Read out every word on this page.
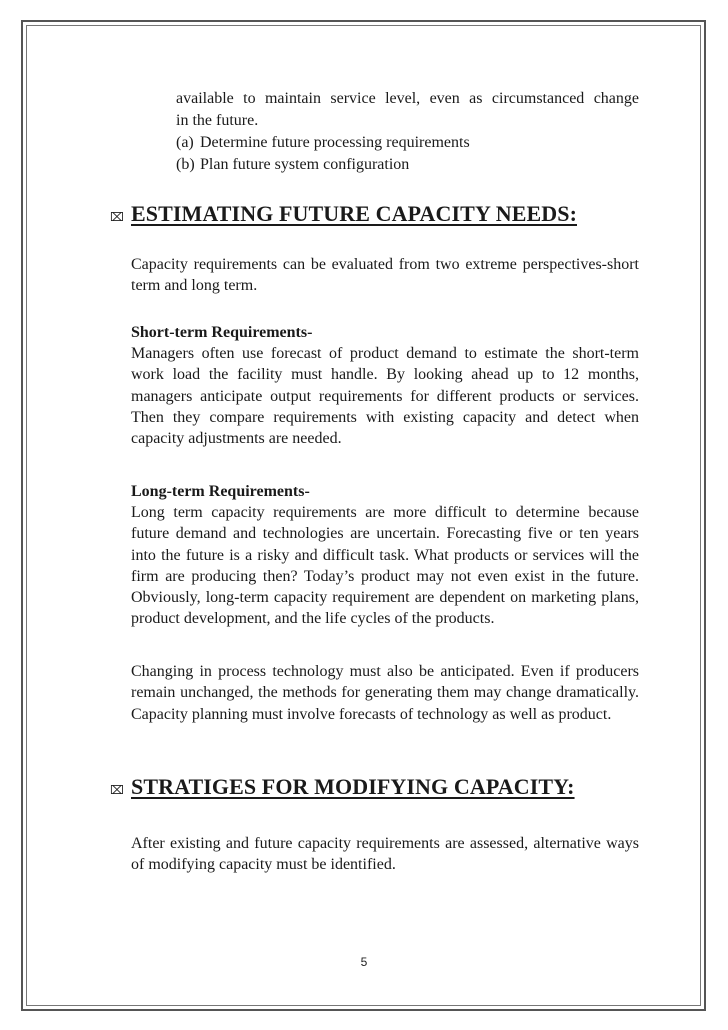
available to maintain service level, even as circumstanced change
in the future.
(a) Determine future processing requirements
(b) Plan future system configuration
⌧ ESTIMATING FUTURE CAPACITY NEEDS:
Capacity requirements can be evaluated from two extreme perspectives-short term and long term.
Short-term Requirements-
Managers often use forecast of product demand to estimate the short-term work load the facility must handle. By looking ahead up to 12 months, managers anticipate output requirements for different products or services. Then they compare requirements with existing capacity and detect when capacity adjustments are needed.
Long-term Requirements-
Long term capacity requirements are more difficult to determine because future demand and technologies are uncertain. Forecasting five or ten years into the future is a risky and difficult task. What products or services will the firm are producing then? Today’s product may not even exist in the future. Obviously, long-term capacity requirement are dependent on marketing plans, product development, and the life cycles of the products.
Changing in process technology must also be anticipated. Even if producers remain unchanged, the methods for generating them may change dramatically. Capacity planning must involve forecasts of technology as well as product.
⌧ STRATIGES FOR MODIFYING CAPACITY:
After existing and future capacity requirements are assessed, alternative ways of modifying capacity must be identified.
5
